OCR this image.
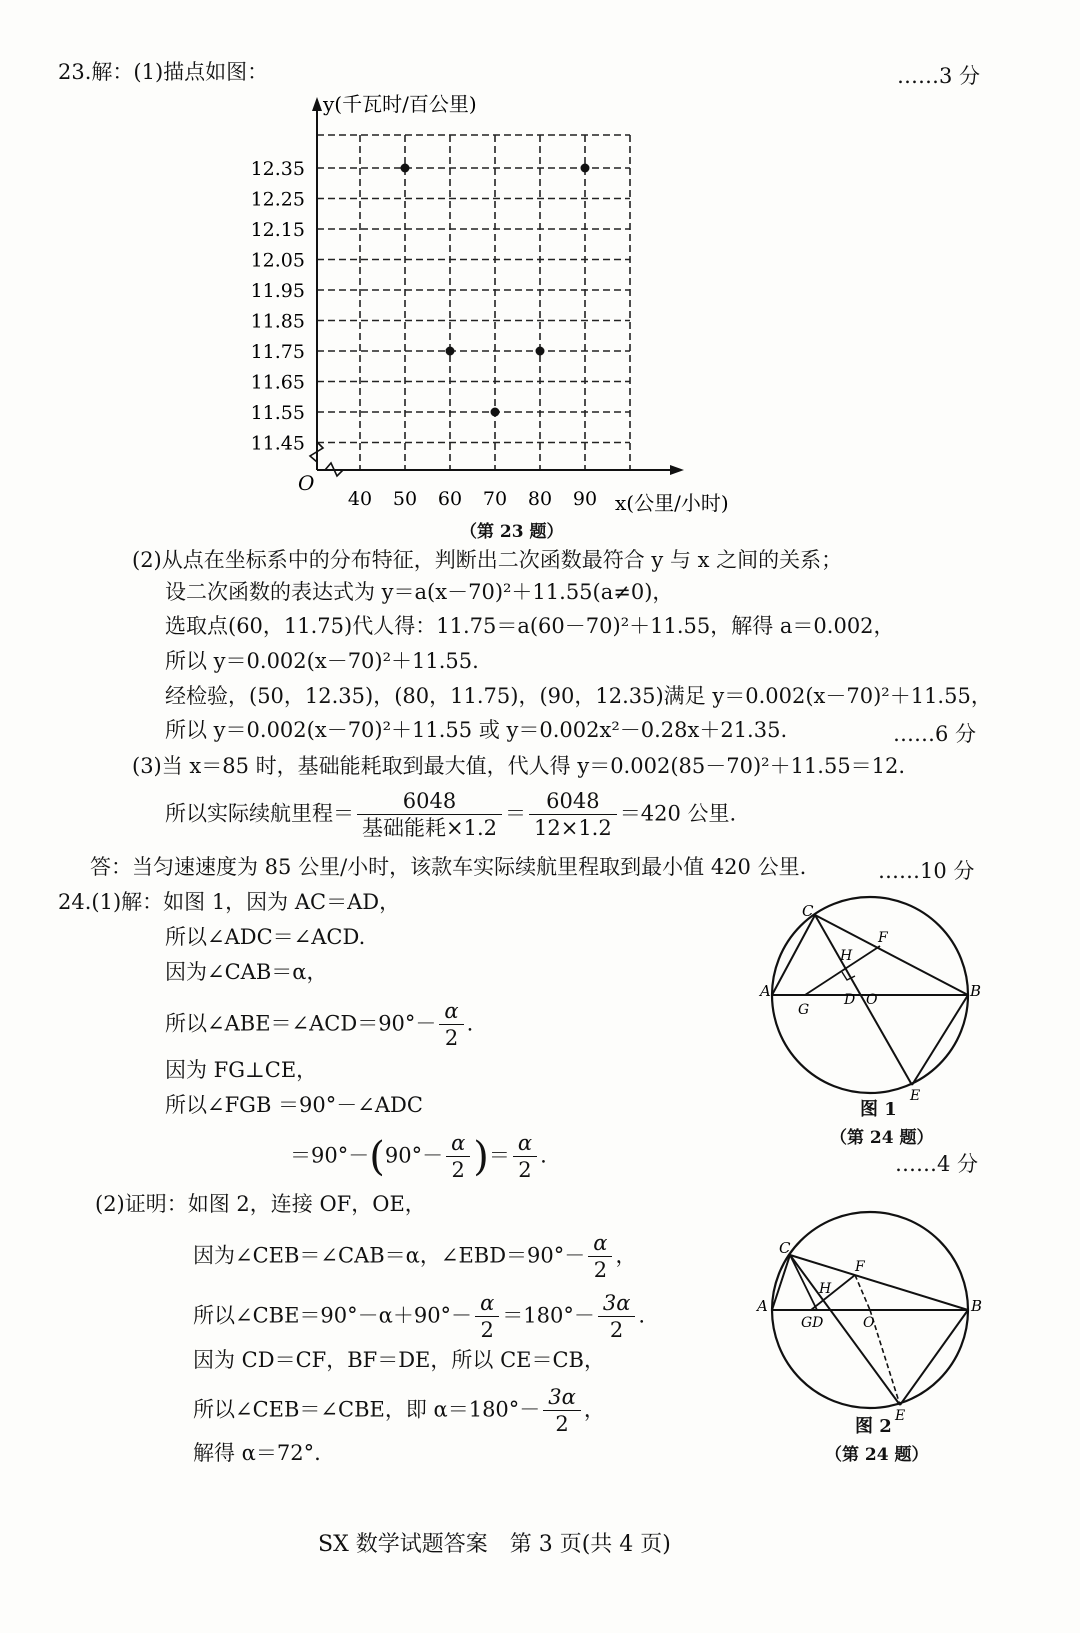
23.解：(1)描点如图：	……3 分
12.35
12.25
12.15
12.05
11.95
11.85
11.75
11.65
11.55
11.45
40 50 60 70 80 90
O
y(千瓦时/百公里)
x(公里/小时)
（第 23 题）
(2)从点在坐标系中的分布特征，判断出二次函数最符合 y 与 x 之间的关系；
设二次函数的表达式为 y＝a(x－70)²＋11.55(a≠0)，
选取点(60，11.75)代人得：11.75＝a(60－70)²＋11.55，解得 a＝0.002，
所以 y＝0.002(x－70)²＋11.55.
经检验，(50，12.35)，(80，11.75)，(90，12.35)满足 y＝0.002(x－70)²＋11.55，
所以 y＝0.002(x－70)²＋11.55 或 y＝0.002x²－0.28x＋21.35.	……6 分
(3)当 x＝85 时，基础能耗取到最大值，代人得 y＝0.002(85－70)²＋11.55＝12.
所以实际续航里程＝ $\frac{6048}{\text{基础能耗×1.2}} = \frac{6048}{12\times 1.2} =420$ 公里.
答：当匀速速度为 85 公里/小时，该款车实际续航里程取到最小值 420 公里.	……10 分
24.(1)解：如图 1，因为 AC＝AD，
所以∠ADC＝∠ACD.
因为∠CAB＝α，
所以∠ABE＝∠ACD＝90°－ $\frac{\alpha}{2}$ .
因为 FG⊥CE，
所以∠FGB ＝90°－∠ADC
$=90^\circ-(90^\circ- \frac{\alpha}{2}$ )＝ $\frac{\alpha}{2}$ .	……4 分
C
H
F
A
G
D O	B
E
图 1
（第 24 题）
(2)证明：如图 2，连接 OF，OE，
因为∠CEB＝∠CAB＝α，∠EBD＝90°－ $\frac{\alpha}{2}$ ，
所以∠CBE＝90°－α＋90°－ $\frac{\alpha}{2} =180^\circ- \frac{3\alpha}{2}$ .
因为 CD＝CF，BF＝DE，所以 CE＝CB，
所以∠CEB＝∠CBE，即 $\alpha=180^\circ- \frac{3\alpha}{2}$ ，
解得 α＝72°.
C
H
F
A
GD	O
B
E
图 2
（第 24 题）
SX 数学试题答案　第 3 页(共 4 页)
